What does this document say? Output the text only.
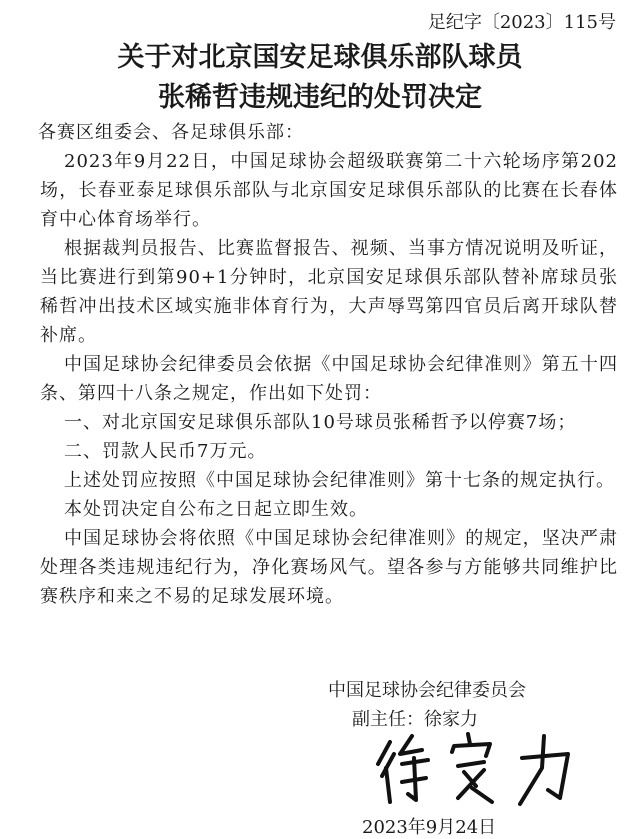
足纪字〔2023〕115号
关于对北京国安足球俱乐部队球员
张稀哲违规违纪的处罚决定

各赛区组委会、各足球俱乐部：

2023年9月22日，中国足球协会超级联赛第二十六轮场序第202场，长春亚泰足球俱乐部队与北京国安足球俱乐部队的比赛在长春体育中心体育场举行。

根据裁判员报告、比赛监督报告、视频、当事方情况说明及听证，当比赛进行到第90+1分钟时，北京国安足球俱乐部队替补席球员张稀哲冲出技术区域实施非体育行为，大声辱骂第四官员后离开球队替补席。

中国足球协会纪律委员会依据《中国足球协会纪律准则》第五十四条、第四十八条之规定，作出如下处罚：

一、对北京国安足球俱乐部队10号球员张稀哲予以停赛7场；

二、罚款人民币7万元。

上述处罚应按照《中国足球协会纪律准则》第十七条的规定执行。

本处罚决定自公布之日起立即生效。

中国足球协会将依照《中国足球协会纪律准则》的规定，坚决严肃处理各类违规违纪行为，净化赛场风气。望各参与方能够共同维护比赛秩序和来之不易的足球发展环境。

中国足球协会纪律委员会
副主任：徐家力
2023年9月24日
